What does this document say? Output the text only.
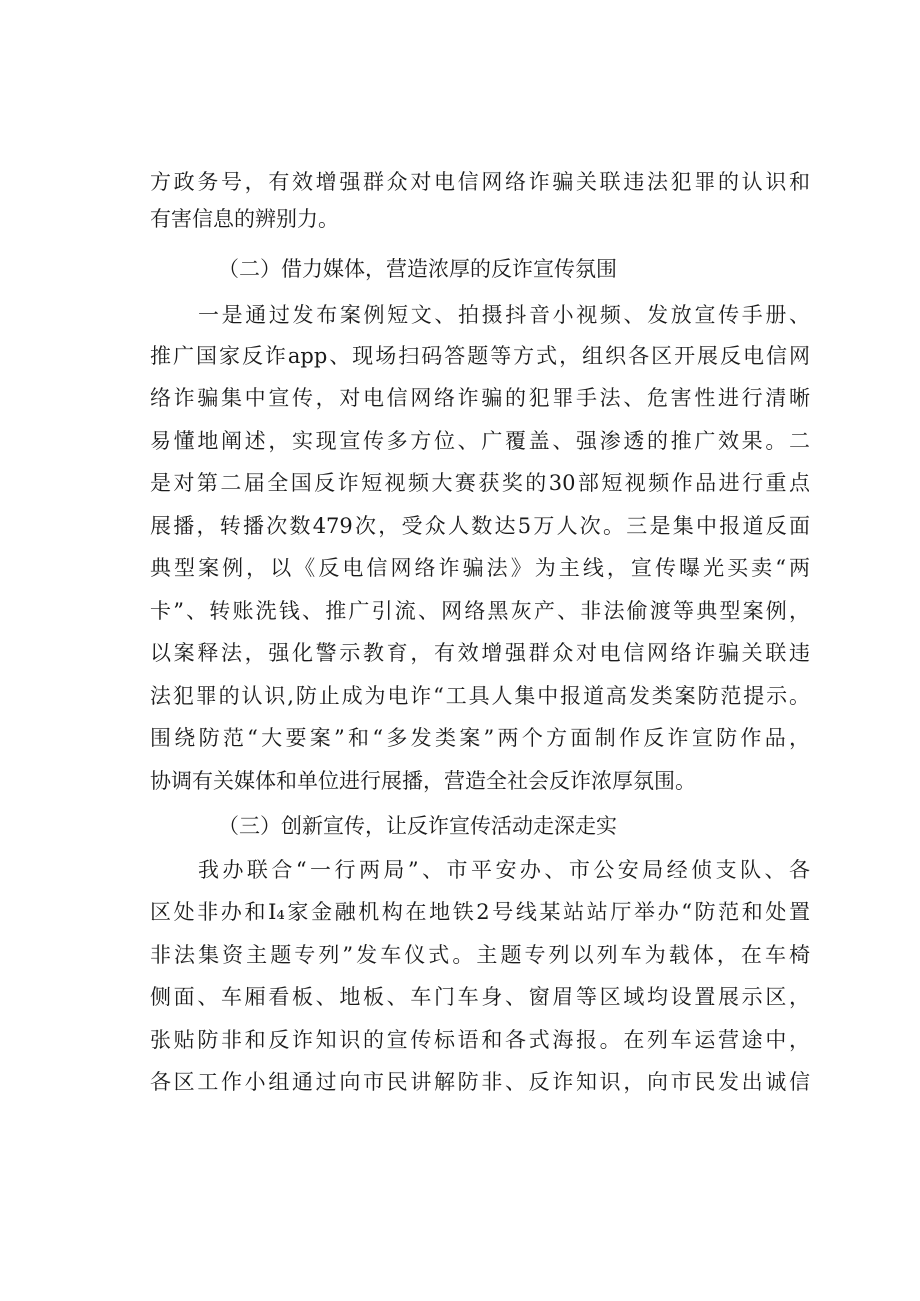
方政务号，有效增强群众对电信网络诈骗关联违法犯罪的认识和
有害信息的辨别力。
（二）借力媒体，营造浓厚的反诈宣传氛围
一是通过发布案例短文、拍摄抖音小视频、发放宣传手册、
推广国家反诈app、现场扫码答题等方式，组织各区开展反电信网
络诈骗集中宣传，对电信网络诈骗的犯罪手法、危害性进行清晰
易懂地阐述，实现宣传多方位、广覆盖、强渗透的推广效果。二
是对第二届全国反诈短视频大赛获奖的30部短视频作品进行重点
展播，转播次数479次，受众人数达5万人次。三是集中报道反面
典型案例，以《反电信网络诈骗法》为主线，宣传曝光买卖“两
卡”、转账洗钱、推广引流、网络黑灰产、非法偷渡等典型案例，
以案释法，强化警示教育，有效增强群众对电信网络诈骗关联违
法犯罪的认识,防止成为电诈“工具人集中报道高发类案防范提示。
围绕防范“大要案”和“多发类案”两个方面制作反诈宣防作品，
协调有关媒体和单位进行展播，营造全社会反诈浓厚氛围。
（三）创新宣传，让反诈宣传活动走深走实
我办联合“一行两局”、市平安办、市公安局经侦支队、各
区处非办和I₄家金融机构在地铁2号线某站站厅举办“防范和处置
非法集资主题专列”发车仪式。主题专列以列车为载体，在车椅
侧面、车厢看板、地板、车门车身、窗眉等区域均设置展示区，
张贴防非和反诈知识的宣传标语和各式海报。在列车运营途中，
各区工作小组通过向市民讲解防非、反诈知识，向市民发出诚信
